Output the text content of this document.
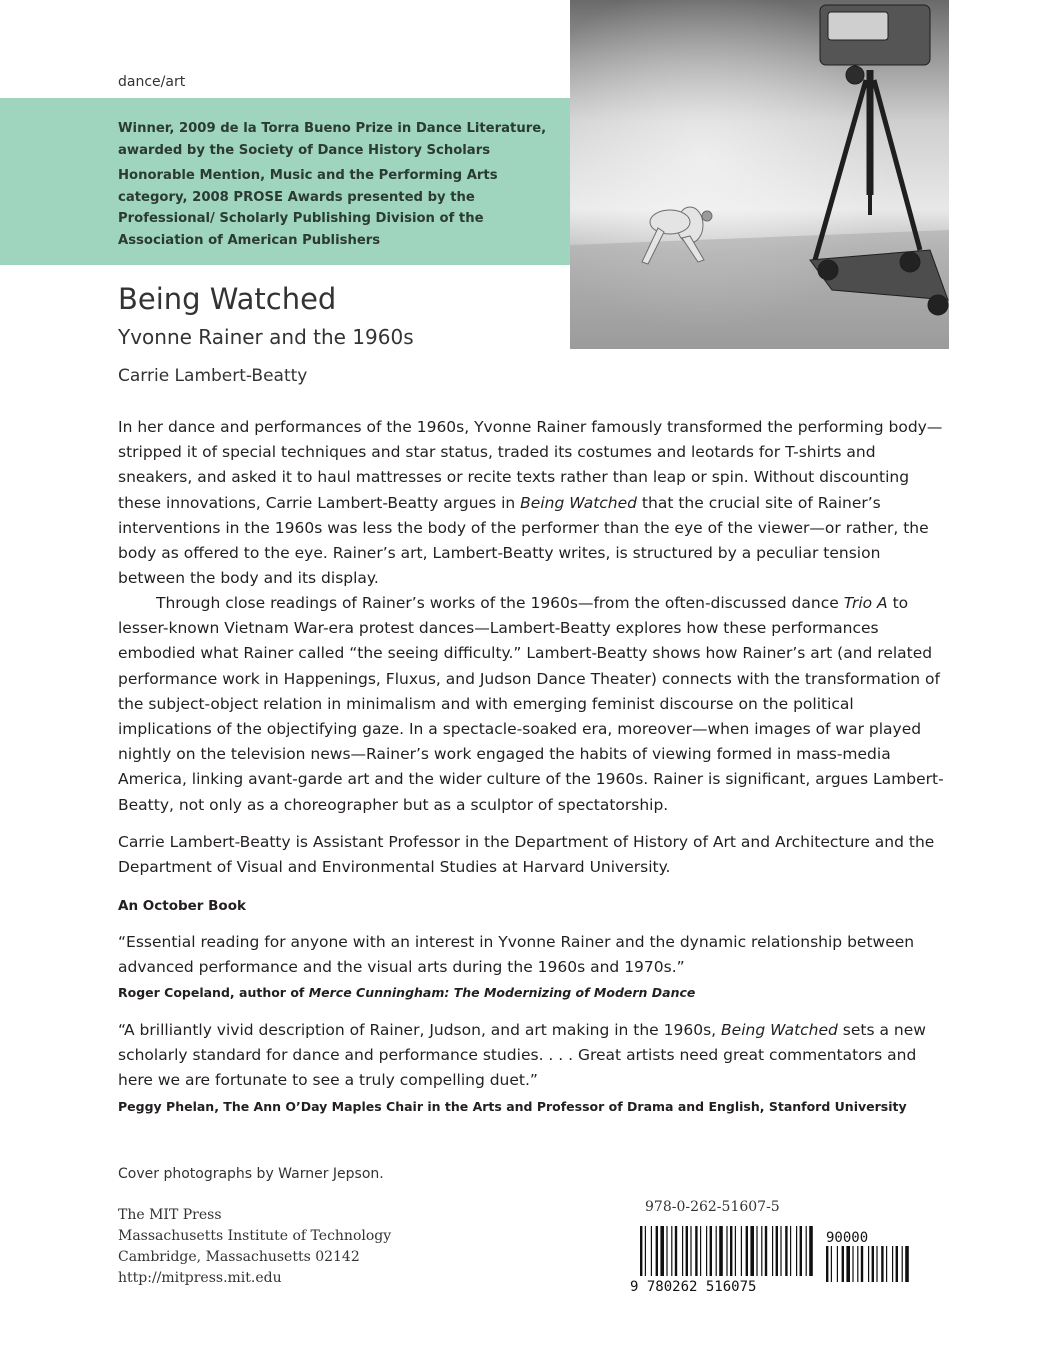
dance/art
Winner, 2009 de la Torra Bueno Prize in Dance Literature, awarded by the Society of Dance History Scholars
Honorable Mention, Music and the Performing Arts category, 2008 PROSE Awards presented by the Professional/ Scholarly Publishing Division of the Association of American Publishers
Being Watched
Yvonne Rainer and the 1960s
Carrie Lambert-Beatty
In her dance and performances of the 1960s, Yvonne Rainer famously transformed the performing body—stripped it of special techniques and star status, traded its costumes and leotards for T-shirts and sneakers, and asked it to haul mattresses or recite texts rather than leap or spin. Without discounting these innovations, Carrie Lambert-Beatty argues in Being Watched that the crucial site of Rainer’s interventions in the 1960s was less the body of the performer than the eye of the viewer—or rather, the body as offered to the eye. Rainer’s art, Lambert-Beatty writes, is structured by a peculiar tension between the body and its display.
Through close readings of Rainer’s works of the 1960s—from the often-discussed dance Trio A to lesser-known Vietnam War-era protest dances—Lambert-Beatty explores how these performances embodied what Rainer called “the seeing difficulty.” Lambert-Beatty shows how Rainer’s art (and related performance work in Happenings, Fluxus, and Judson Dance Theater) connects with the transformation of the subject-object relation in minimalism and with emerging feminist discourse on the political implications of the objectifying gaze. In a spectacle-soaked era, moreover—when images of war played nightly on the television news—Rainer’s work engaged the habits of viewing formed in mass-media America, linking avant-garde art and the wider culture of the 1960s. Rainer is significant, argues Lambert-Beatty, not only as a choreographer but as a sculptor of spectatorship.
Carrie Lambert-Beatty is Assistant Professor in the Department of History of Art and Architecture and the Department of Visual and Environmental Studies at Harvard University.
An October Book
“Essential reading for anyone with an interest in Yvonne Rainer and the dynamic relationship between advanced performance and the visual arts during the 1960s and 1970s.”
Roger Copeland, author of Merce Cunningham: The Modernizing of Modern Dance
“A brilliantly vivid description of Rainer, Judson, and art making in the 1960s, Being Watched sets a new scholarly standard for dance and performance studies. . . . Great artists need great commentators and here we are fortunate to see a truly compelling duet.”
Peggy Phelan, The Ann O’Day Maples Chair in the Arts and Professor of Drama and English, Stanford University
Cover photographs by Warner Jepson.
The MIT Press
Massachusetts Institute of Technology
Cambridge, Massachusetts 02142
http://mitpress.mit.edu
978-0-262-51607-5
9 780262 516075
90000
